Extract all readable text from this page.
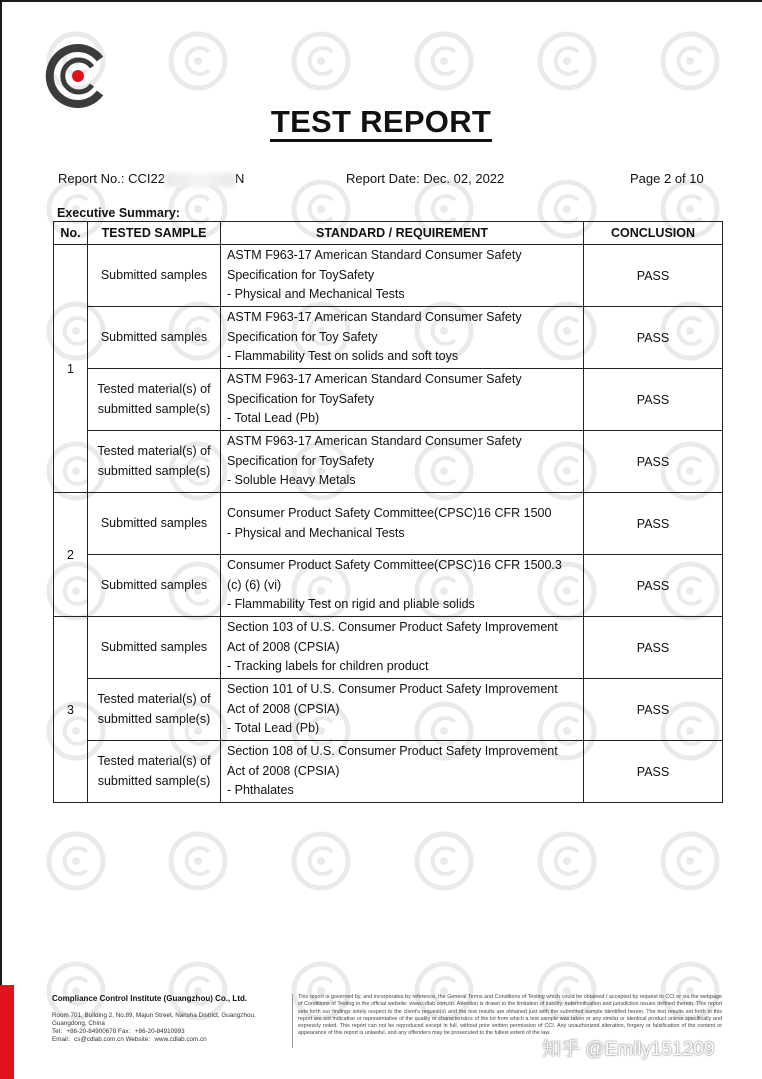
TEST REPORT
Report No.: CCI22	N	Report Date: Dec. 02, 2022	Page 2 of 10
Executive Summary:
No.	TESTED SAMPLE	STANDARD / REQUIREMENT	CONCLUSION
1	Submitted samples	ASTM F963-17 American Standard Consumer Safety
Specification for ToySafety
- Physical and Mechanical Tests	PASS

	Submitted samples	ASTM F963-17 American Standard Consumer Safety
Specification for Toy Safety
- Flammability Test on solids and soft toys	PASS

	Tested material(s) of
submitted sample(s)	ASTM F963-17 American Standard Consumer Safety
Specification for ToySafety
- Total Lead (Pb)	PASS

	Tested material(s) of
submitted sample(s)	ASTM F963-17 American Standard Consumer Safety
Specification for ToySafety
- Soluble Heavy Metals	PASS
2	Submitted samples	Consumer Product Safety Committee(CPSC)16 CFR 1500
- Physical and Mechanical Tests	PASS

	Submitted samples	Consumer Product Safety Committee(CPSC)16 CFR 1500.3
(c) (6) (vi)
- Flammability Test on rigid and pliable solids	PASS
3	Submitted samples	Section 103 of U.S. Consumer Product Safety Improvement
Act of 2008 (CPSIA)
- Tracking labels for children product	PASS

	Tested material(s) of
submitted sample(s)	Section 101 of U.S. Consumer Product Safety Improvement
Act of 2008 (CPSIA)
- Total Lead (Pb)	PASS

	Tested material(s) of
submitted sample(s)	Section 108 of U.S. Consumer Product Safety Improvement
Act of 2008 (CPSIA)
- Phthalates	PASS
Compliance Control Institute (Guangzhou) Co., Ltd.
Room 701, Building 2, No.89, Majun Street, Nansha District, Guangzhou,
Guangdong, China
Tel：+86-20-84900678 Fax：+86-20-84910993
Email：cs@cdlab.com.cn Website：www.cdlab.com.cn
This report is governed by, and incorporates by reference, the General Terms and Conditions of Testing which could be obtained / accepted by request to CCI or via the webpage of Conditions of Testing in the official website: www.cdlab.com.cn. Attention is drawn to the limitation of liability, indemnification and jurisdiction issues defined therein. This report sets forth our findings solely respect to the client's request(s) and the test results are obtained just with the submitted sample identified herein. The test results set forth in this report are not indicative or representative of the quality or characteristics of the lot from which a test sample was taken or any similar or identical product unless specifically and expressly noted. This report can not be reproduced except in full, without prior written permission of CCI. Any unauthorized alteration, forgery or falsification of the content or appearance of this report is unlawful, and any offenders may be prosecuted to the fullest extent of the law.
知乎 @Emily151209
